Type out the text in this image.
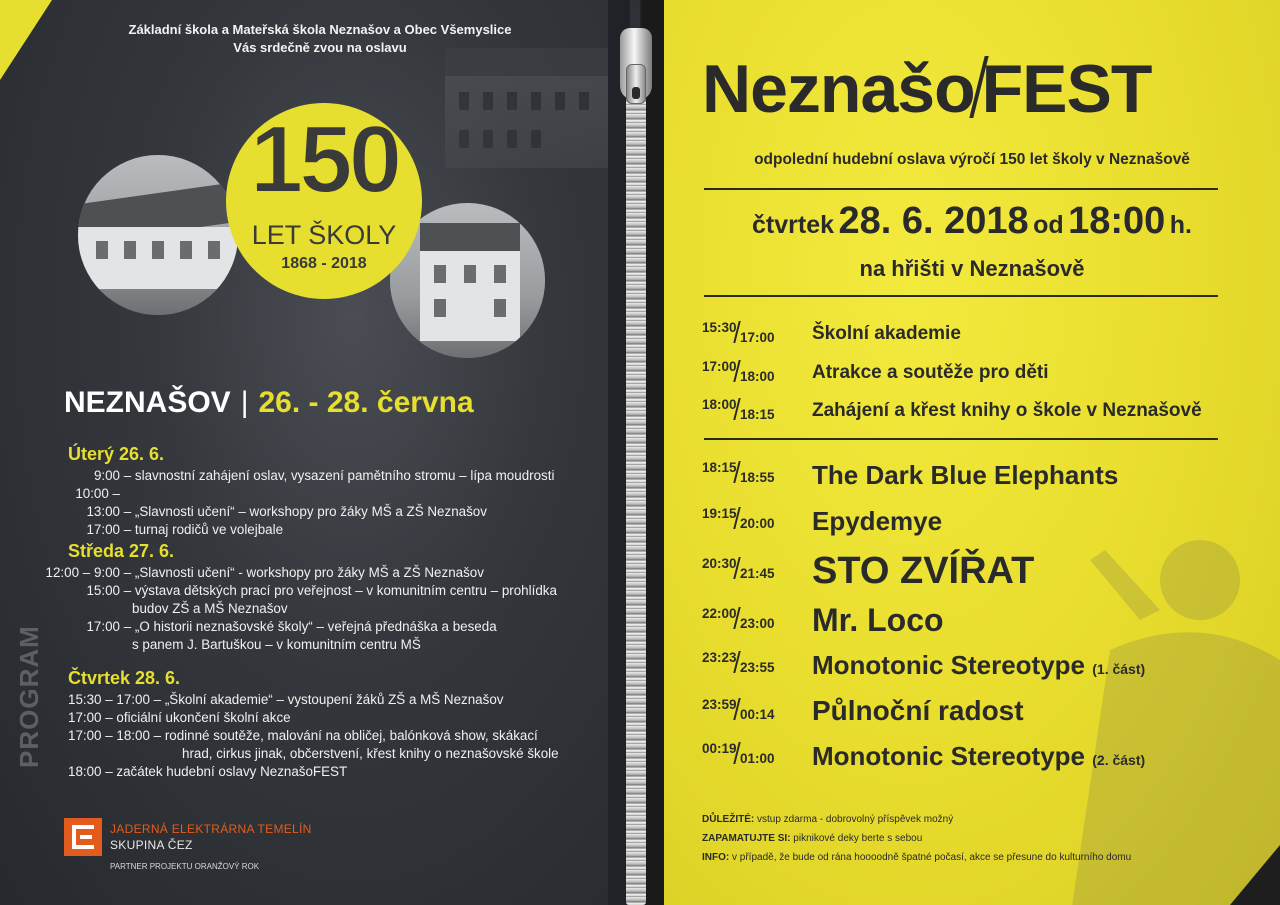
Základní škola a Mateřská škola Neznašov a Obec Všemyslice
Vás srdečně zvou na oslavu
150
LET ŠKOLY
1868 - 2018
NEZNAŠOV | 26. - 28. června
Úterý 26. 6.
9:00 – slavnostní zahájení oslav, vysazení pamětního stromu – lípa moudrosti
10:00 – 13:00 – „Slavnosti učení“ – workshopy pro žáky MŠ a ZŠ Neznašov
17:00 – turnaj rodičů ve volejbale
Středa 27. 6.
9:00 – 12:00 – „Slavnosti učení“ - workshopy pro žáky MŠ a ZŠ Neznašov
15:00 – výstava dětských prací pro veřejnost – v komunitním centru – prohlídka
budov ZŠ a MŠ Neznašov
17:00 – „O historii neznašovské školy“ – veřejná přednáška a beseda
s panem J. Bartuškou – v komunitním centru MŠ
Čtvrtek 28. 6.
15:30 – 17:00 – „Školní akademie“ – vystoupení žáků ZŠ a MŠ Neznašov
17:00 – oficiální ukončení školní akce
17:00 – 18:00 – rodinné soutěže, malování na obličej, balónková show, skákací
hrad, cirkus jinak, občerstvení, křest knihy o neznašovské škole
18:00 – začátek hudební oslavy NeznašoFEST
PROGRAM
JADERNÁ ELEKTRÁRNA TEMELÍN
SKUPINA ČEZ
PARTNER PROJEKTU ORANŽOVÝ ROK
Neznašo FEST
odpolední hudební oslava výročí 150 let školy v Neznašově
čtvrtek 28. 6. 2018 od 18:00 h.
na hřišti v Neznašově
15:30
17:00 Školní akademie
17:00
18:00 Atrakce a soutěže pro děti
18:00
18:15 Zahájení a křest knihy o škole v Neznašově
18:15
18:55 The Dark Blue Elephants
19:15
20:00 Epydemye
20:30
21:45 STO ZVÍŘAT
22:00
23:00 Mr. Loco
23:23
23:55 Monotonic Stereotype (1. část)
23:59
00:14 Půlnoční radost
00:19
01:00 Monotonic Stereotype (2. část)
DŮLEŽITÉ: vstup zdarma - dobrovolný příspěvek možný
ZAPAMATUJTE SI: piknikové deky berte s sebou
INFO: v případě, že bude od rána hoooodně špatné počasí, akce se přesune do kulturního domu
